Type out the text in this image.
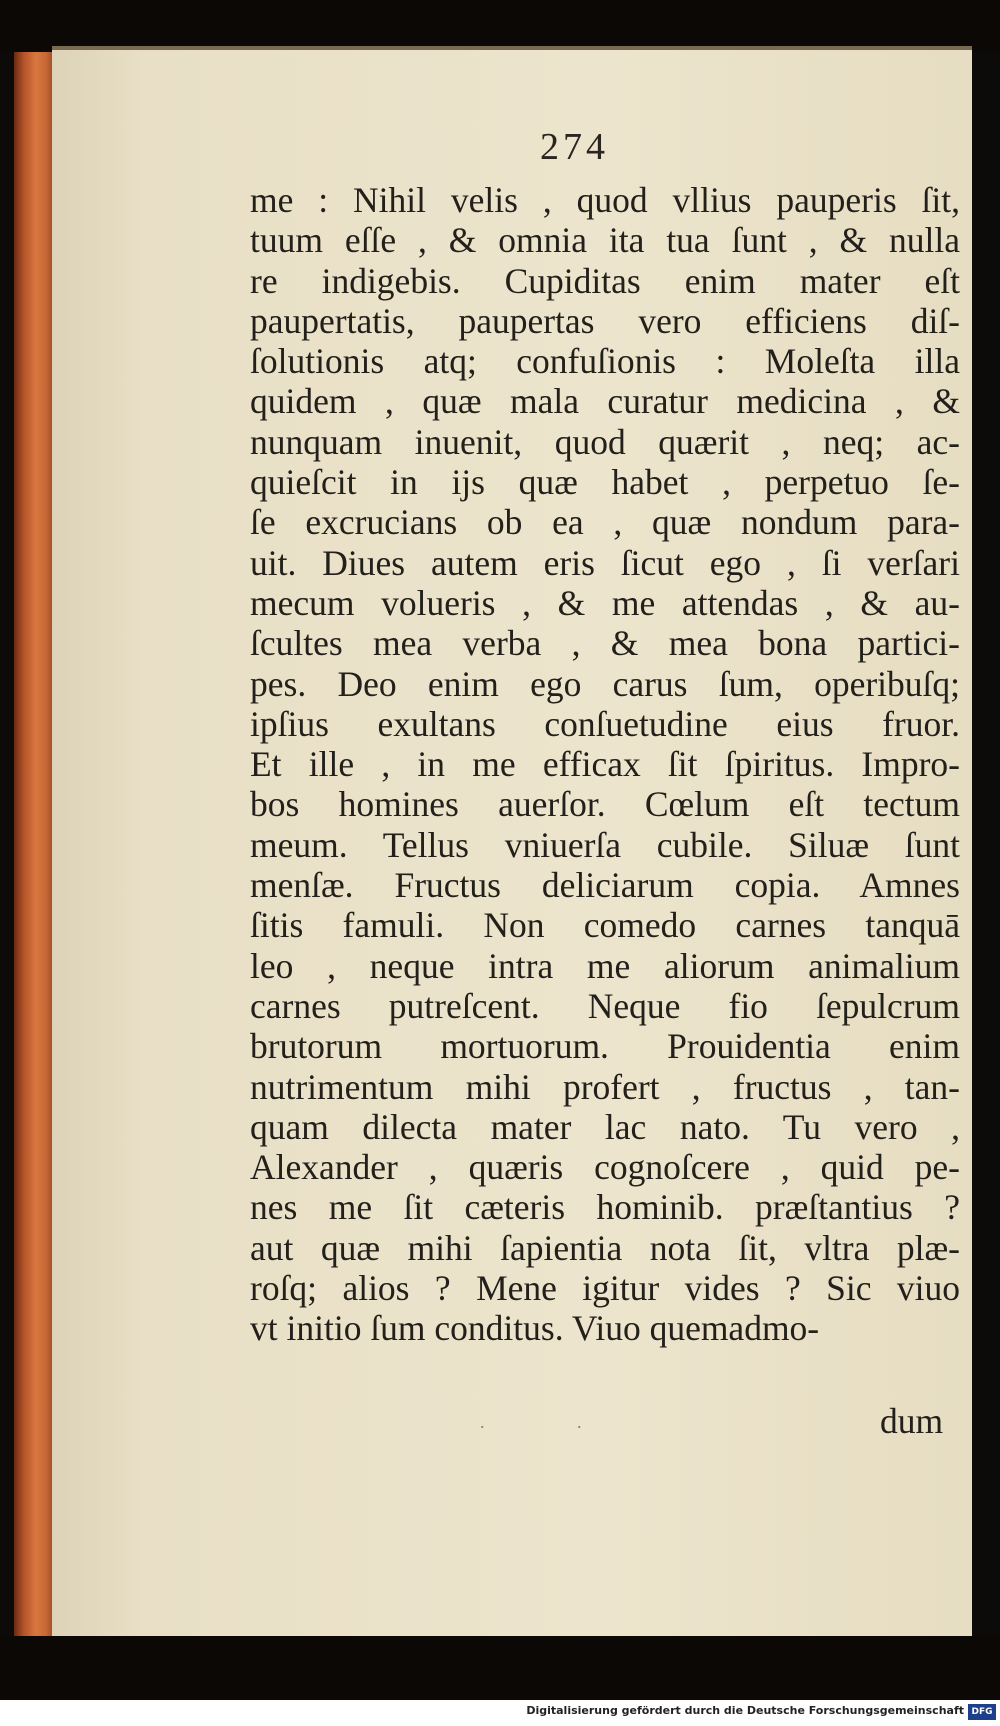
274
me : Nihil velis , quod vllius pauperis ſit,
tuum eſſe , & omnia ita tua ſunt , & nulla
re indigebis. Cupiditas enim mater eſt
paupertatis, paupertas vero efficiens diſ-
ſolutionis atq; confuſionis : Moleſta illa
quidem , quæ mala curatur medicina , &
nunquam inuenit, quod quærit , neq; ac-
quieſcit in ijs quæ habet , perpetuo ſe-
ſe excrucians ob ea , quæ nondum para-
uit. Diues autem eris ſicut ego , ſi verſari
mecum volueris , & me attendas , & au-
ſcultes mea verba , & mea bona partici-
pes. Deo enim ego carus ſum, operibuſq;
ipſius exultans conſuetudine eius fruor.
Et ille , in me efficax ſit ſpiritus. Impro-
bos homines auerſor. Cœlum eſt tectum
meum. Tellus vniuerſa cubile. Siluæ ſunt
menſæ. Fructus deliciarum copia. Amnes
ſitis famuli. Non comedo carnes tanquā
leo , neque intra me aliorum animalium
carnes putreſcent. Neque fio ſepulcrum
brutorum mortuorum. Prouidentia enim
nutrimentum mihi profert , fructus , tan-
quam dilecta mater lac nato. Tu vero ,
Alexander , quæris cognoſcere , quid pe-
nes me ſit cæteris hominib. præſtantius ?
aut quæ mihi ſapientia nota ſit, vltra plæ-
roſq; alios ? Mene igitur vides ? Sic viuo
vt initio ſum conditus. Viuo quemadmo-
. .	dum
Digitalisierung gefördert durch die Deutsche Forschungsgemeinschaft DFG
